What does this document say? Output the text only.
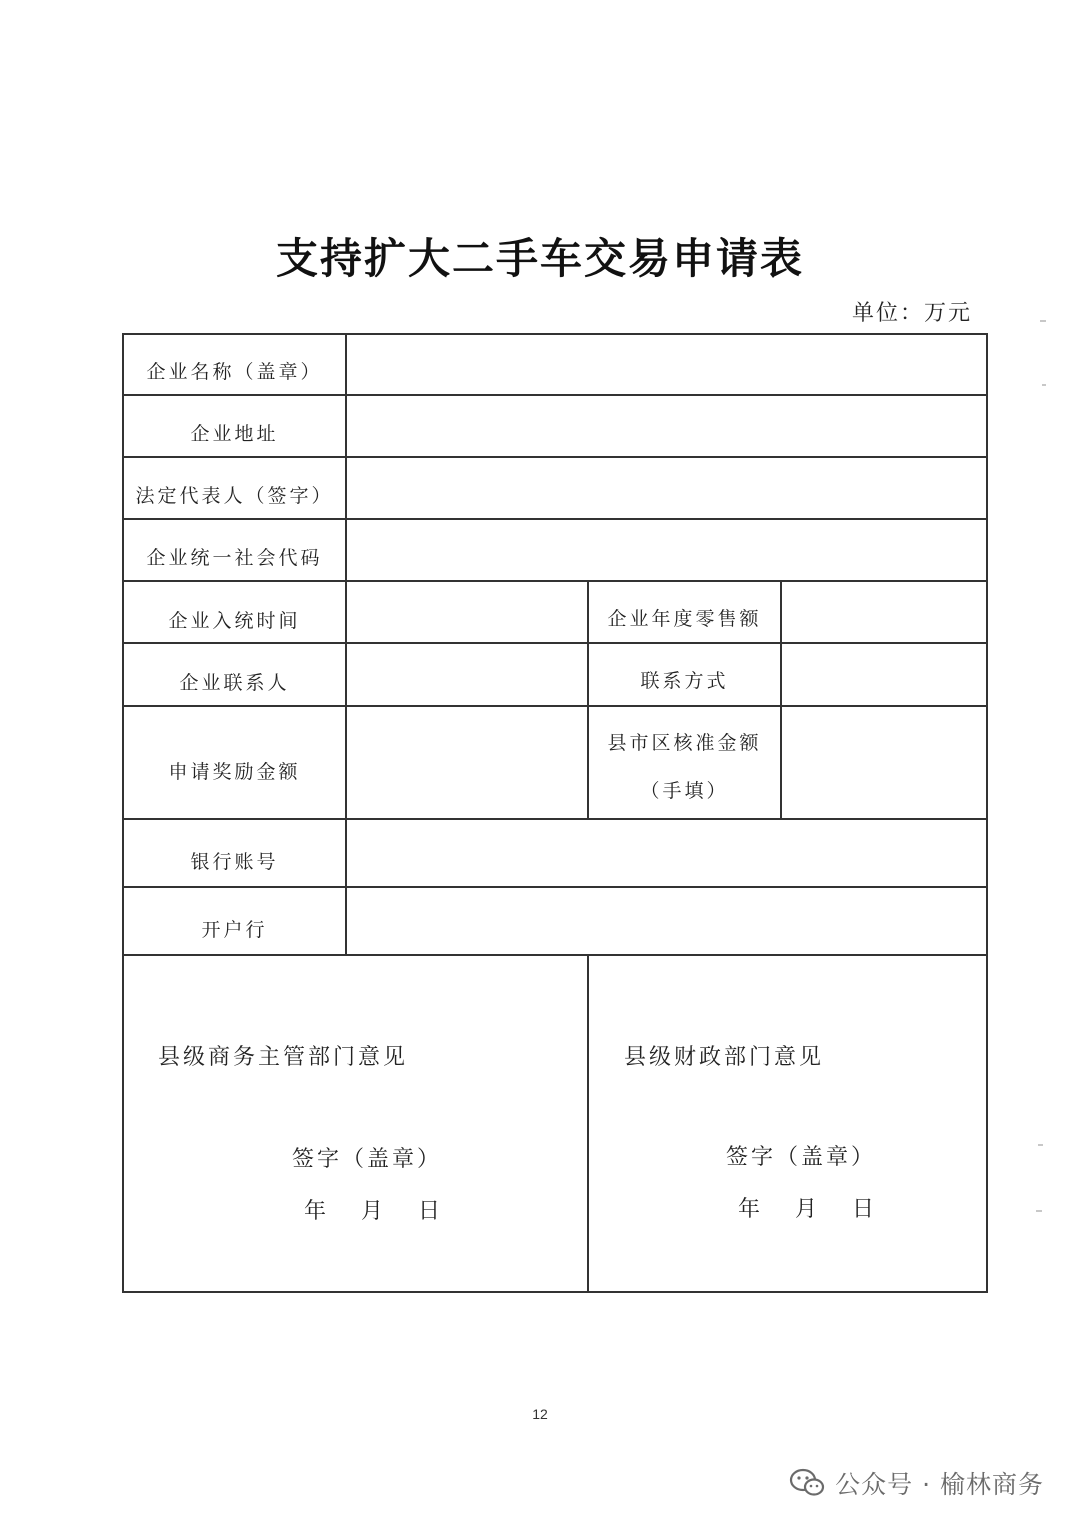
支持扩大二手车交易申请表
单位：万元
企业名称（盖章）
企业地址
法定代表人（签字）
企业统一社会代码
企业入统时间	企业年度零售额
企业联系人	联系方式
申请奖励金额
县市区核准金额
（手填）
银行账号
开户行
县级商务主管部门意见
签字（盖章）
年 月 日
县级财政部门意见
签字（盖章）
年 月 日
12
公众号 · 榆林商务
